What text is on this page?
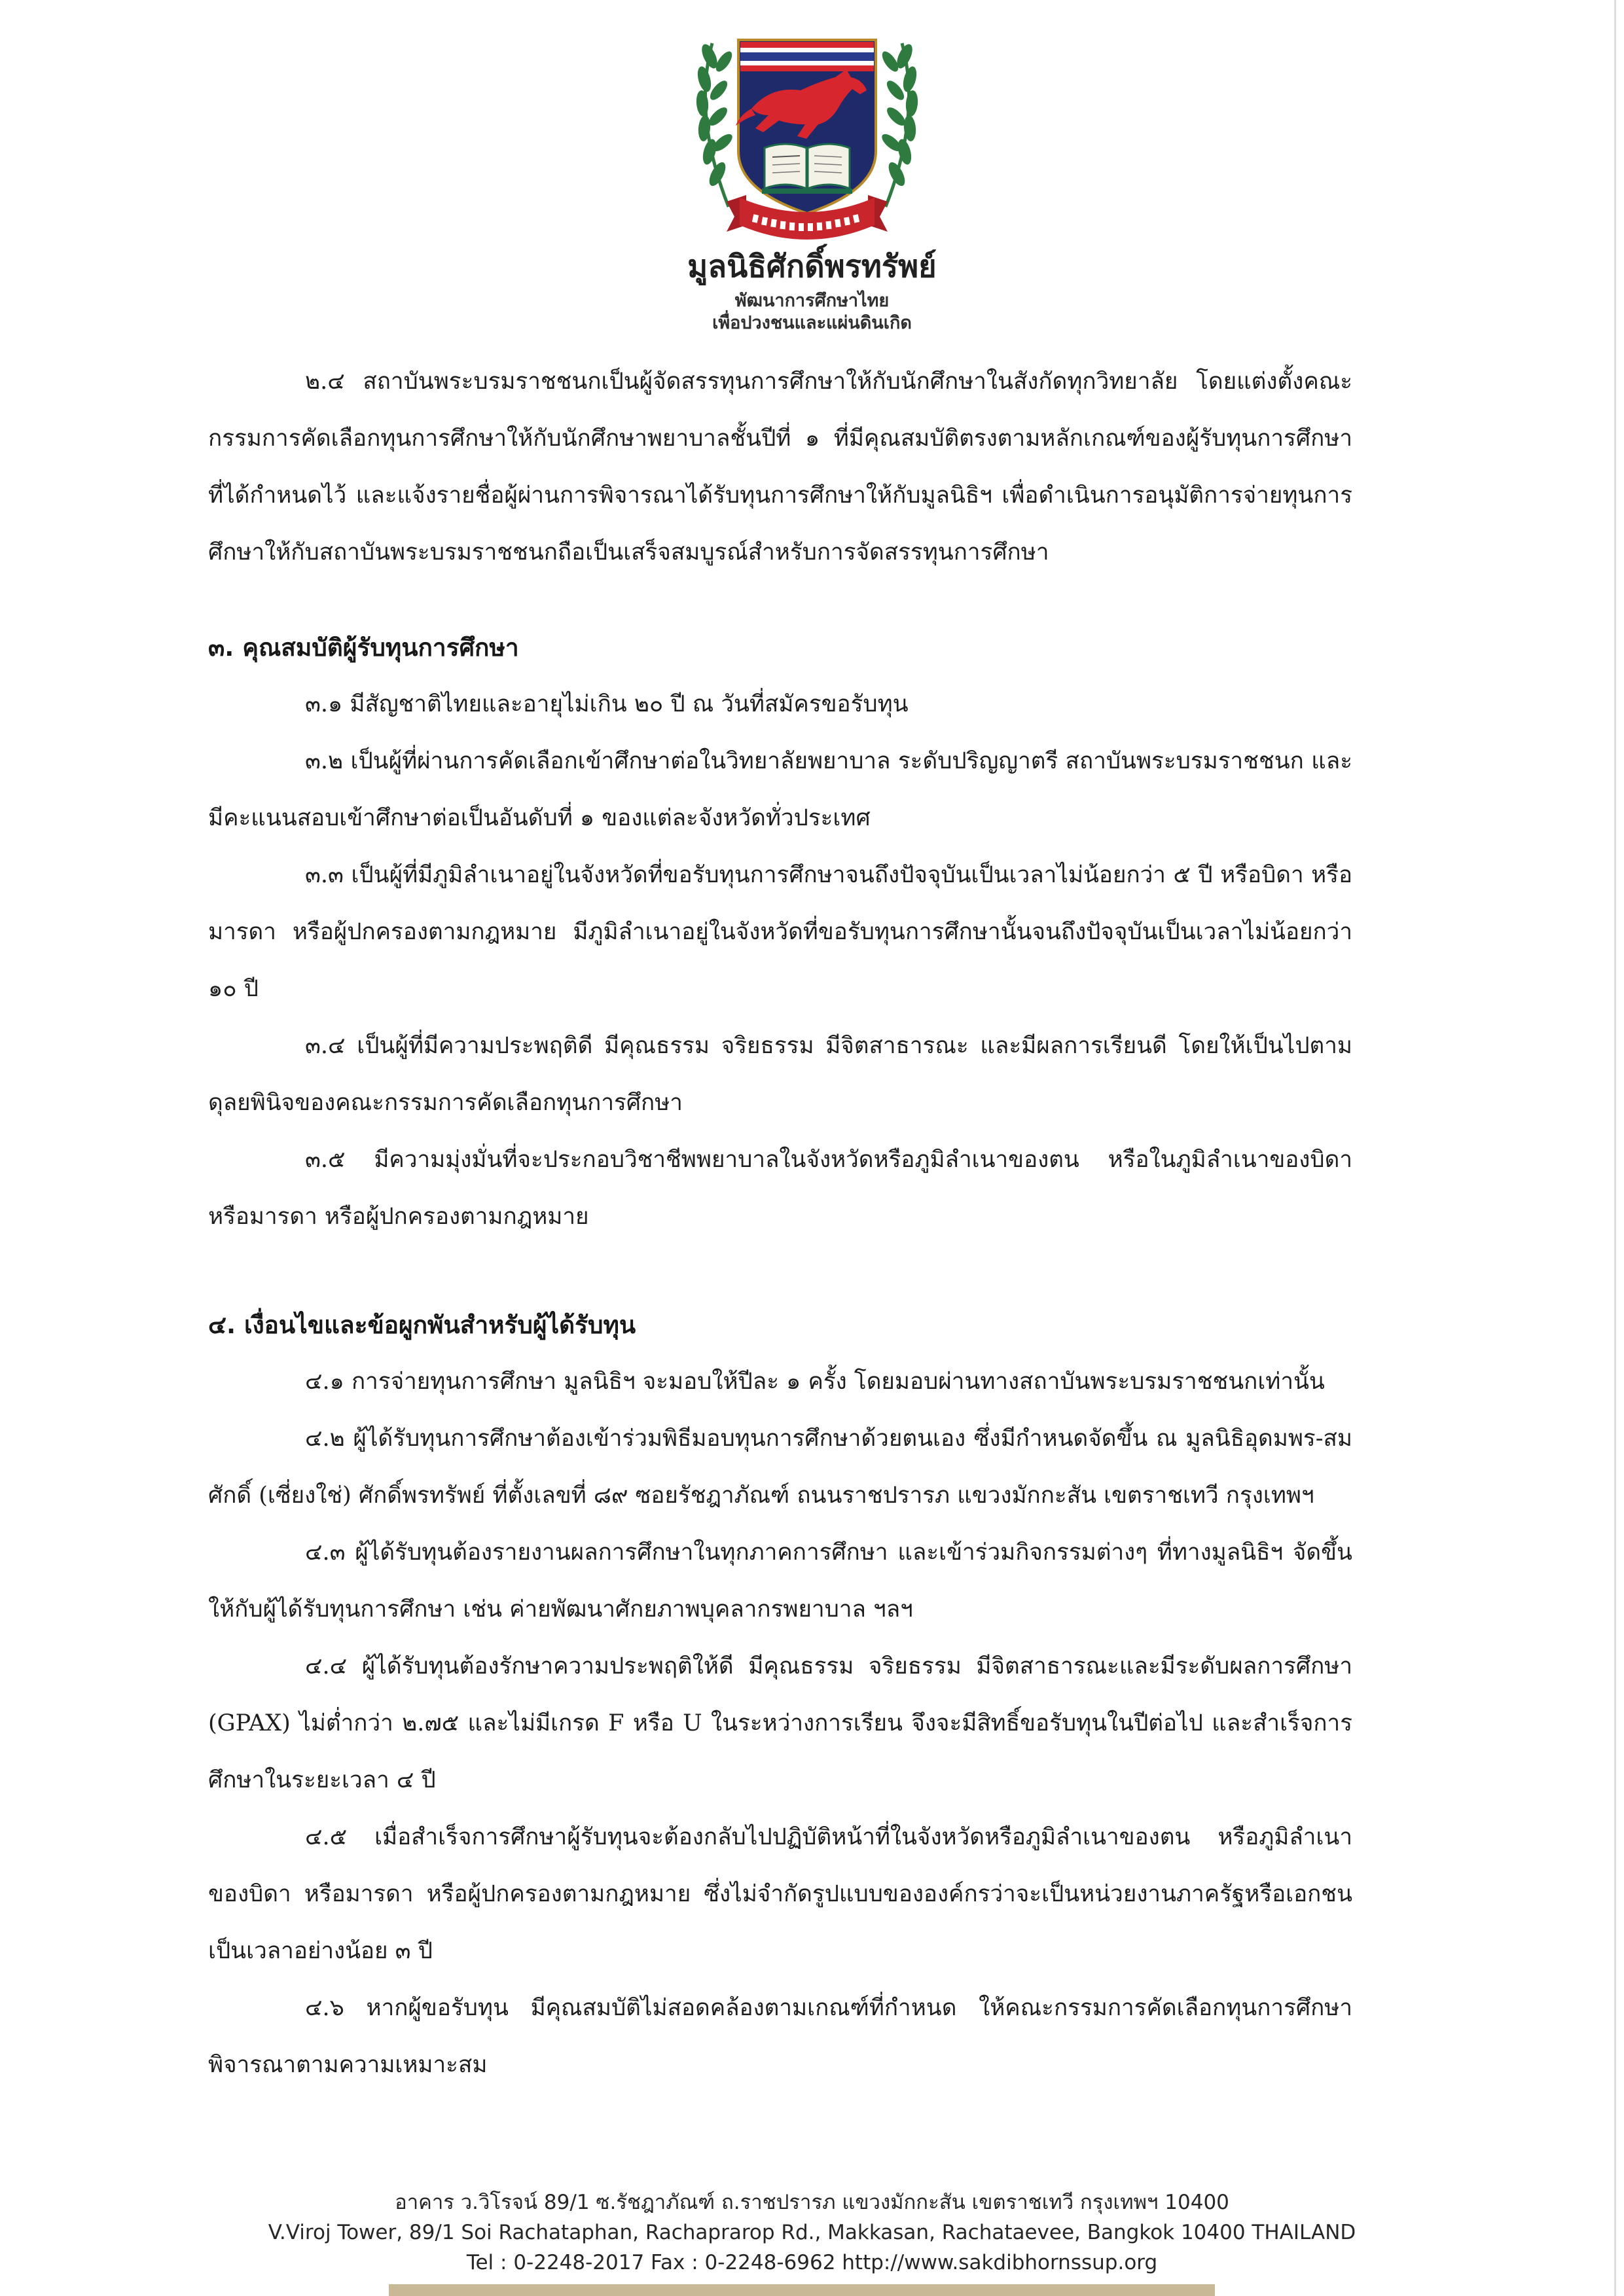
มูลนิธิศักดิ์พรทรัพย์
พัฒนาการศึกษาไทย
เพื่อปวงชนและแผ่นดินเกิด

๒.๔ สถาบันพระบรมราชชนกเป็นผู้จัดสรรทุนการศึกษาให้กับนักศึกษาในสังกัดทุกวิทยาลัย โดยแต่งตั้งคณะกรรมการคัดเลือกทุนการศึกษาให้กับนักศึกษาพยาบาลชั้นปีที่ ๑ ที่มีคุณสมบัติตรงตามหลักเกณฑ์ของผู้รับทุนการศึกษาที่ได้กำหนดไว้ และแจ้งรายชื่อผู้ผ่านการพิจารณาได้รับทุนการศึกษาให้กับมูลนิธิฯ เพื่อดำเนินการอนุมัติการจ่ายทุนการศึกษาให้กับสถาบันพระบรมราชชนกถือเป็นเสร็จสมบูรณ์สำหรับการจัดสรรทุนการศึกษา

๓. คุณสมบัติผู้รับทุนการศึกษา

๓.๑ มีสัญชาติไทยและอายุไม่เกิน ๒๐ ปี ณ วันที่สมัครขอรับทุน

๓.๒ เป็นผู้ที่ผ่านการคัดเลือกเข้าศึกษาต่อในวิทยาลัยพยาบาล ระดับปริญญาตรี สถาบันพระบรมราชชนก และมีคะแนนสอบเข้าศึกษาต่อเป็นอันดับที่ ๑ ของแต่ละจังหวัดทั่วประเทศ

๓.๓ เป็นผู้ที่มีภูมิลำเนาอยู่ในจังหวัดที่ขอรับทุนการศึกษาจนถึงปัจจุบันเป็นเวลาไม่น้อยกว่า ๕ ปี หรือบิดา หรือมารดา หรือผู้ปกครองตามกฎหมาย มีภูมิลำเนาอยู่ในจังหวัดที่ขอรับทุนการศึกษานั้นจนถึงปัจจุบันเป็นเวลาไม่น้อยกว่า ๑๐ ปี

๓.๔ เป็นผู้ที่มีความประพฤติดี มีคุณธรรม จริยธรรม มีจิตสาธารณะ และมีผลการเรียนดี โดยให้เป็นไปตามดุลยพินิจของคณะกรรมการคัดเลือกทุนการศึกษา

๓.๕ มีความมุ่งมั่นที่จะประกอบวิชาชีพพยาบาลในจังหวัดหรือภูมิลำเนาของตน หรือในภูมิลำเนาของบิดา หรือมารดา หรือผู้ปกครองตามกฎหมาย

๔. เงื่อนไขและข้อผูกพันสำหรับผู้ได้รับทุน

๔.๑ การจ่ายทุนการศึกษา มูลนิธิฯ จะมอบให้ปีละ ๑ ครั้ง โดยมอบผ่านทางสถาบันพระบรมราชชนกเท่านั้น

๔.๒ ผู้ได้รับทุนการศึกษาต้องเข้าร่วมพิธีมอบทุนการศึกษาด้วยตนเอง ซึ่งมีกำหนดจัดขึ้น ณ มูลนิธิอุดมพร-สมศักดิ์ (เซี่ยงใช่) ศักดิ์พรทรัพย์ ที่ตั้งเลขที่ ๘๙ ซอยรัชฎาภัณฑ์ ถนนราชปรารภ แขวงมักกะสัน เขตราชเทวี กรุงเทพฯ

๔.๓ ผู้ได้รับทุนต้องรายงานผลการศึกษาในทุกภาคการศึกษา และเข้าร่วมกิจกรรมต่างๆ ที่ทางมูลนิธิฯ จัดขึ้นให้กับผู้ได้รับทุนการศึกษา เช่น ค่ายพัฒนาศักยภาพบุคลากรพยาบาล ฯลฯ

๔.๔ ผู้ได้รับทุนต้องรักษาความประพฤติให้ดี มีคุณธรรม จริยธรรม มีจิตสาธารณะและมีระดับผลการศึกษา (GPAX) ไม่ต่ำกว่า ๒.๗๕ และไม่มีเกรด F หรือ U ในระหว่างการเรียน จึงจะมีสิทธิ์ขอรับทุนในปีต่อไป และสำเร็จการศึกษาในระยะเวลา ๔ ปี

๔.๕ เมื่อสำเร็จการศึกษาผู้รับทุนจะต้องกลับไปปฏิบัติหน้าที่ในจังหวัดหรือภูมิลำเนาของตน หรือภูมิลำเนาของบิดา หรือมารดา หรือผู้ปกครองตามกฎหมาย ซึ่งไม่จำกัดรูปแบบขององค์กรว่าจะเป็นหน่วยงานภาครัฐหรือเอกชน เป็นเวลาอย่างน้อย ๓ ปี

๔.๖ หากผู้ขอรับทุน มีคุณสมบัติไม่สอดคล้องตามเกณฑ์ที่กำหนด ให้คณะกรรมการคัดเลือกทุนการศึกษาพิจารณาตามความเหมาะสม

อาคาร ว.วิโรจน์ 89/1 ซ.รัชฎาภัณฑ์ ถ.ราชปรารภ แขวงมักกะสัน เขตราชเทวี กรุงเทพฯ 10400
V.Viroj Tower, 89/1 Soi Rachataphan, Rachaprarop Rd., Makkasan, Rachataevee, Bangkok 10400 THAILAND
Tel : 0-2248-2017 Fax : 0-2248-6962 http://www.sakdibhornssup.org
